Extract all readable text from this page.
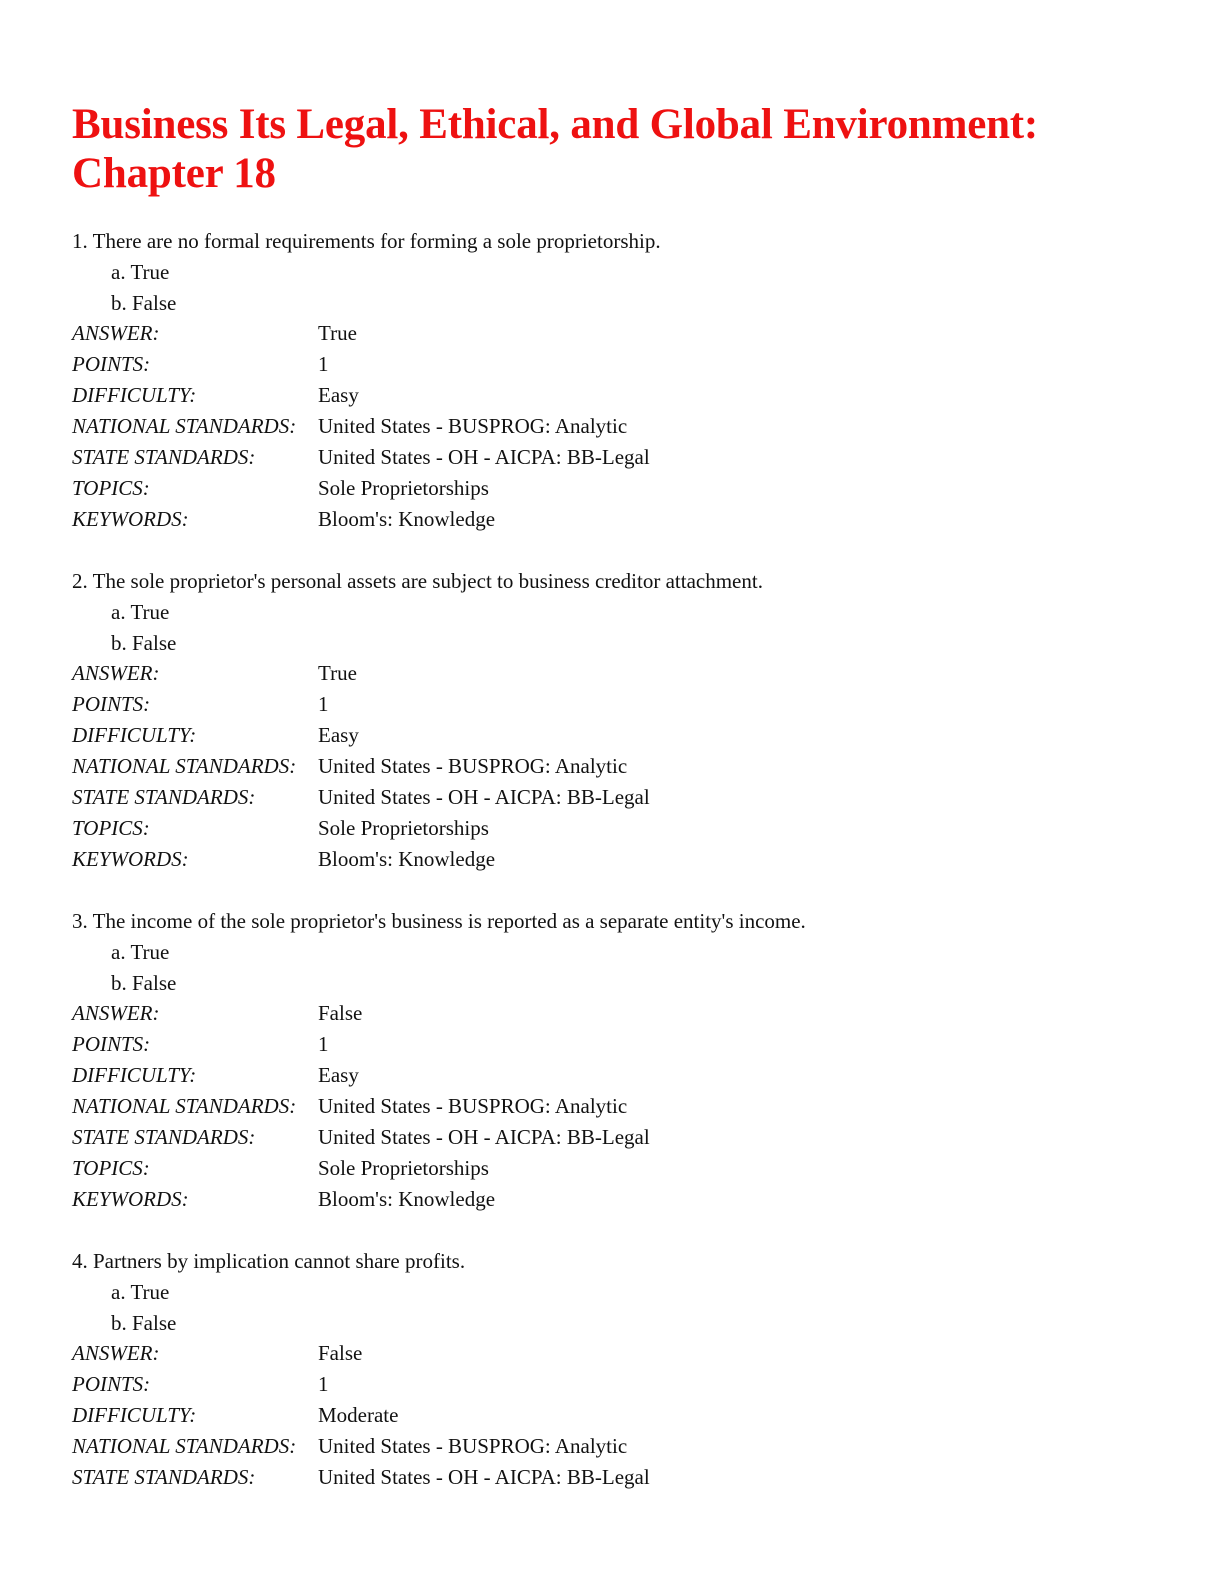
Business Its Legal, Ethical, and Global Environment: Chapter 18
1. There are no formal requirements for forming a sole proprietorship.
a. True
b. False
ANSWER:	True
POINTS:	1
DIFFICULTY:	Easy
NATIONAL STANDARDS:	United States - BUSPROG: Analytic
STATE STANDARDS:	United States - OH - AICPA: BB-Legal
TOPICS:	Sole Proprietorships
KEYWORDS:	Bloom's: Knowledge
2. The sole proprietor's personal assets are subject to business creditor attachment.
a. True
b. False
ANSWER:	True
POINTS:	1
DIFFICULTY:	Easy
NATIONAL STANDARDS:	United States - BUSPROG: Analytic
STATE STANDARDS:	United States - OH - AICPA: BB-Legal
TOPICS:	Sole Proprietorships
KEYWORDS:	Bloom's: Knowledge
3. The income of the sole proprietor's business is reported as a separate entity's income.
a. True
b. False
ANSWER:	False
POINTS:	1
DIFFICULTY:	Easy
NATIONAL STANDARDS:	United States - BUSPROG: Analytic
STATE STANDARDS:	United States - OH - AICPA: BB-Legal
TOPICS:	Sole Proprietorships
KEYWORDS:	Bloom's: Knowledge
4. Partners by implication cannot share profits.
a. True
b. False
ANSWER:	False
POINTS:	1
DIFFICULTY:	Moderate
NATIONAL STANDARDS:	United States - BUSPROG: Analytic
STATE STANDARDS:	United States - OH - AICPA: BB-Legal
